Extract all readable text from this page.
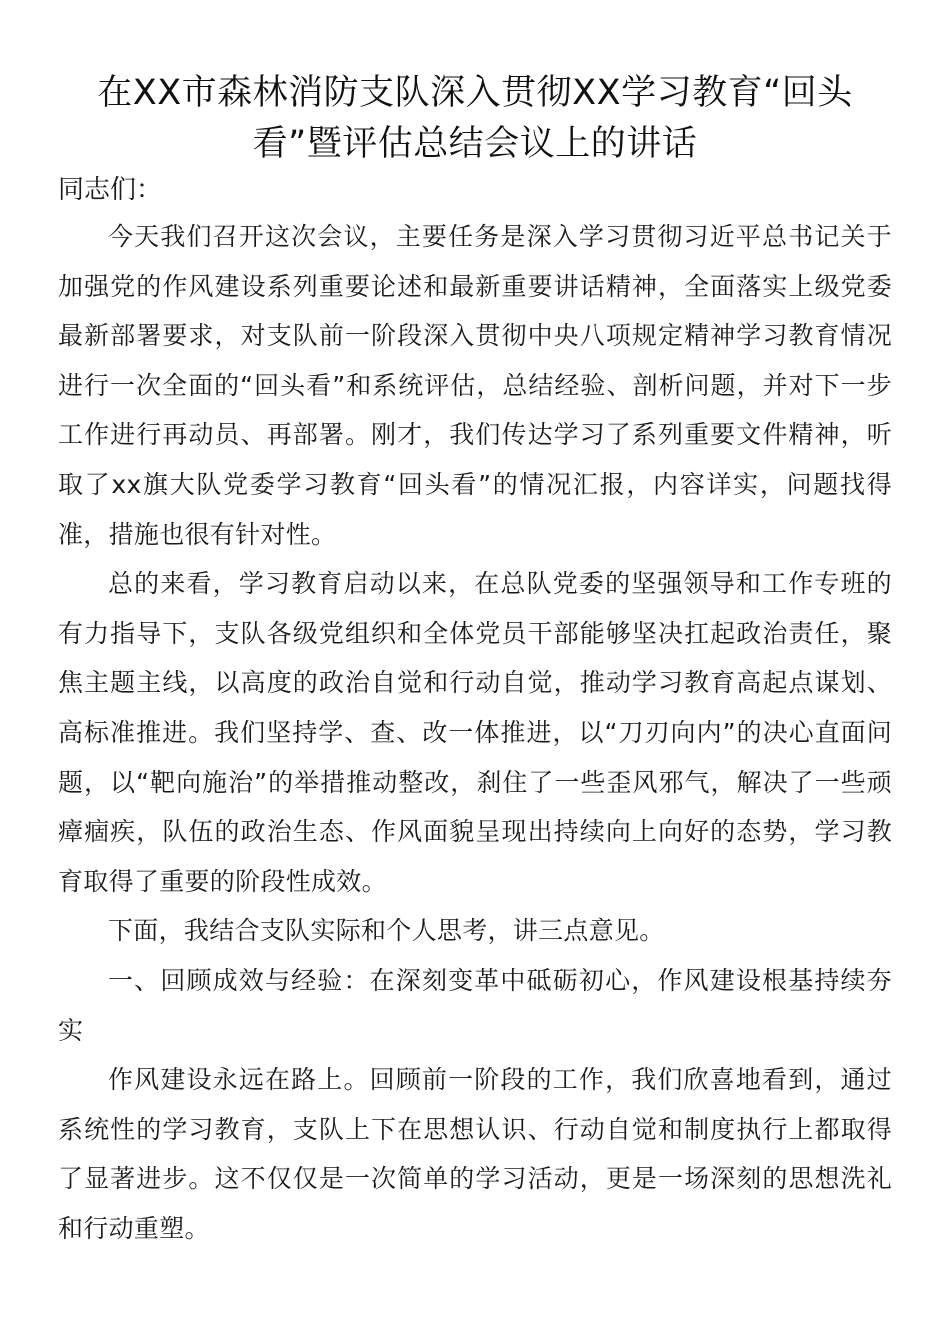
在XX市森林消防支队深入贯彻XX学习教育“回头看”暨评估总结会议上的讲话

同志们：

今天我们召开这次会议，主要任务是深入学习贯彻习近平总书记关于加强党的作风建设系列重要论述和最新重要讲话精神，全面落实上级党委最新部署要求，对支队前一阶段深入贯彻中央八项规定精神学习教育情况进行一次全面的“回头看”和系统评估，总结经验、剖析问题，并对下一步工作进行再动员、再部署。刚才，我们传达学习了系列重要文件精神，听取了xx旗大队党委学习教育“回头看”的情况汇报，内容详实，问题找得准，措施也很有针对性。

总的来看，学习教育启动以来，在总队党委的坚强领导和工作专班的有力指导下，支队各级党组织和全体党员干部能够坚决扛起政治责任，聚焦主题主线，以高度的政治自觉和行动自觉，推动学习教育高起点谋划、高标准推进。我们坚持学、查、改一体推进，以“刀刃向内”的决心直面问题，以“靶向施治”的举措推动整改，刹住了一些歪风邪气，解决了一些顽瘴痼疾，队伍的政治生态、作风面貌呈现出持续向上向好的态势，学习教育取得了重要的阶段性成效。

下面，我结合支队实际和个人思考，讲三点意见。

一、回顾成效与经验：在深刻变革中砥砺初心，作风建设根基持续夯实

作风建设永远在路上。回顾前一阶段的工作，我们欣喜地看到，通过系统性的学习教育，支队上下在思想认识、行动自觉和制度执行上都取得了显著进步。这不仅仅是一次简单的学习活动，更是一场深刻的思想洗礼和行动重塑。
